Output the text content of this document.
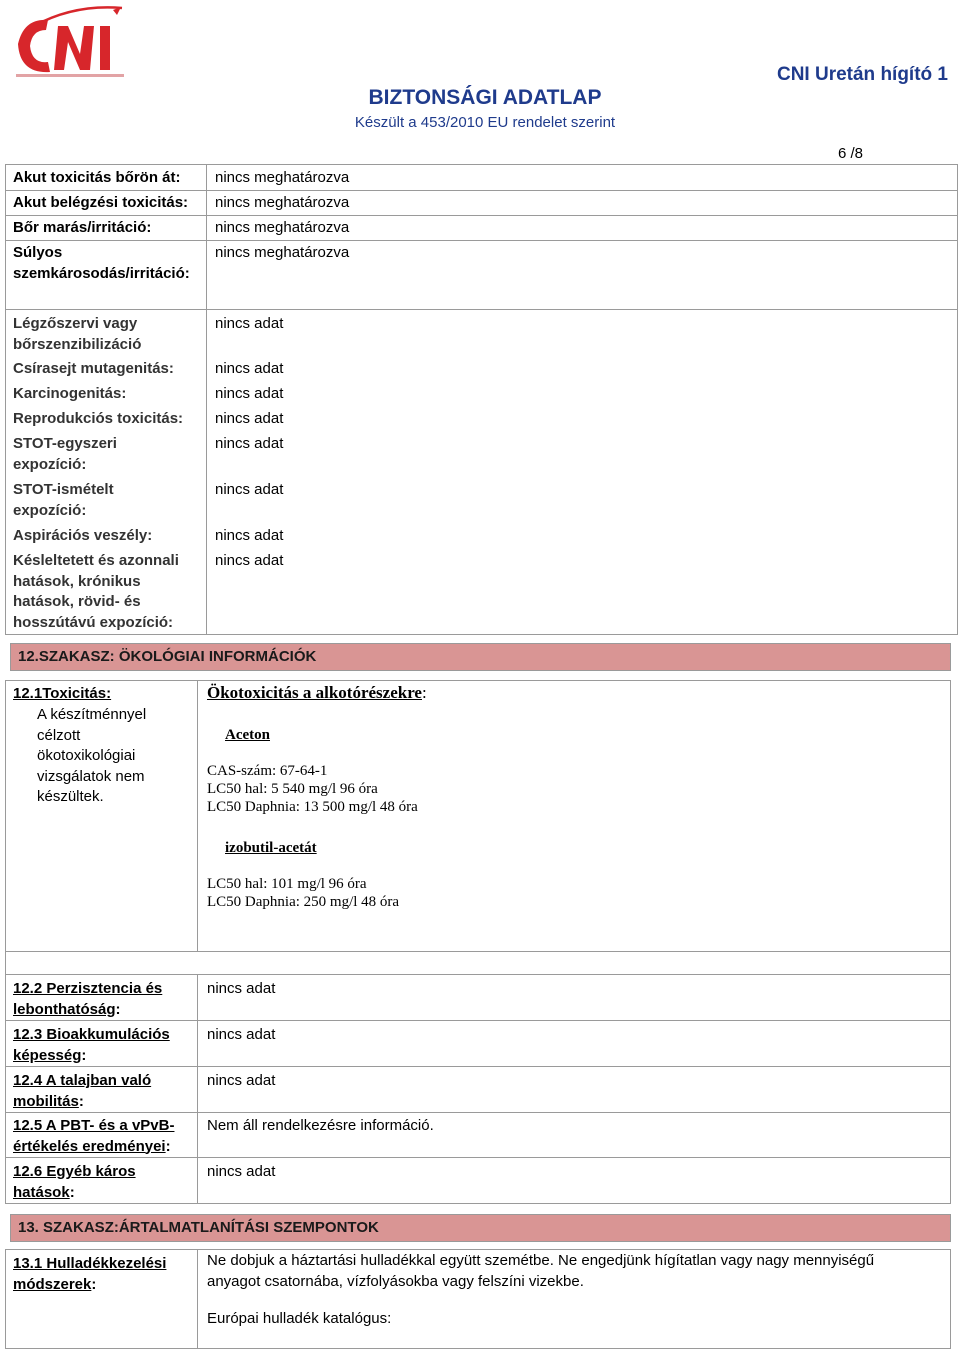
BIZTONSÁGI ADATLAP
Készült a 453/2010 EU rendelet szerint
CNI Uretán hígító 1
6 /8
Akut toxicitás bőrön át:	nincs meghatározva
Akut belégzési toxicitás:	nincs meghatározva
Bőr marás/irritáció:	nincs meghatározva
Súlyos szemkárosodás/irritáció:
nincs meghatározva
Légzőszervi vagy bőrszenzibilizáció
nincs adat
Csírasejt mutagenitás:	nincs adat
Karcinogenitás:	nincs adat
Reprodukciós toxicitás:	nincs adat
STOT-egyszeri expozíció:
nincs adat
STOT-ismételt expozíció:
nincs adat
Aspirációs veszély:	nincs adat
Késleltetett és azonnali hatások, krónikus hatások, rövid- és hosszútávú expozíció:
nincs adat
12.SZAKASZ: ÖKOLÓGIAI INFORMÁCIÓK
12.1Toxicitás:
A készítménnyel célzott ökotoxikológiai vizsgálatok nem készültek.
Ökotoxicitás a alkotórészekre:
Aceton
CAS-szám: 67-64-1
LC50 hal: 5 540 mg/l 96 óra
LC50 Daphnia: 13 500 mg/l 48 óra
izobutil-acetát
LC50 hal: 101 mg/l 96 óra
LC50 Daphnia: 250 mg/l 48 óra
12.2 Perzisztencia és lebonthatóság:
nincs adat
12.3 Bioakkumulációs képesség:
nincs adat
12.4 A talajban való mobilitás:
nincs adat
12.5 A PBT- és a vPvB-értékelés eredményei:
Nem áll rendelkezésre információ.
12.6 Egyéb káros hatások:
nincs adat
13. SZAKASZ:ÁRTALMATLANÍTÁSI SZEMPONTOK
13.1 Hulladékkezelési módszerek:
Ne dobjuk a háztartási hulladékkal együtt szemétbe. Ne engedjünk hígítatlan vagy nagy mennyiségű anyagot csatornába, vízfolyásokba vagy felszíni vizekbe.
Európai hulladék katalógus:
